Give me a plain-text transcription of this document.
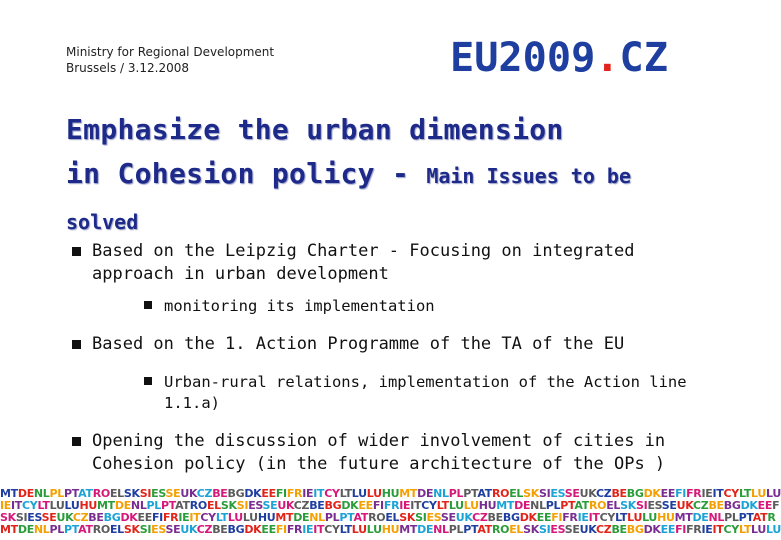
Ministry for Regional Development
Brussels / 3.12.2008	EU2009.CZ
Emphasize the urban dimension
in Cohesion policy - Main Issues to be
solved
Based on the Leipzig Charter - Focusing on integrated approach in urban development
monitoring its implementation
Based on the 1. Action Programme of the TA of the EU
Urban-rural relations, implementation of the Action line 1.1.a)
Opening the discussion of wider involvement of cities in Cohesion policy (in the future architecture of the OPs )
MTDENLPLPTATROELSKSIESSEUKCZBEBGDKEEFIFRIEITCYLTLULUHUMTDENLPLPTATROELSKSIESSEUKCZBEBGDKEEFIFRIEITCYLTLULU
IEITCYLTLULUHUMTDENLPLPTATROELSKSIESSEUKCZBEBGDKEEFIFRIEITCYLTLULUHUMTDENLPLPTATROELSKSIESSEUKCZBEBGDKEEF
SKSIESSEUKCZBEBGDKEEFIFRIEITCYLTLULUHUMTDENLPLPTATROELSKSIESSEUKCZBEBGDKEEFIFRIEITCYLTLULUHUMTDENLPLPTATR
MTDENLPLPTATROELSKSIESSEUKCZBEBGDKEEFIFRIEITCYLTLULUHUMTDENLPLPTATROELSKSIESSEUKCZBEBGDKEEFIFRIEITCYLTLULU
